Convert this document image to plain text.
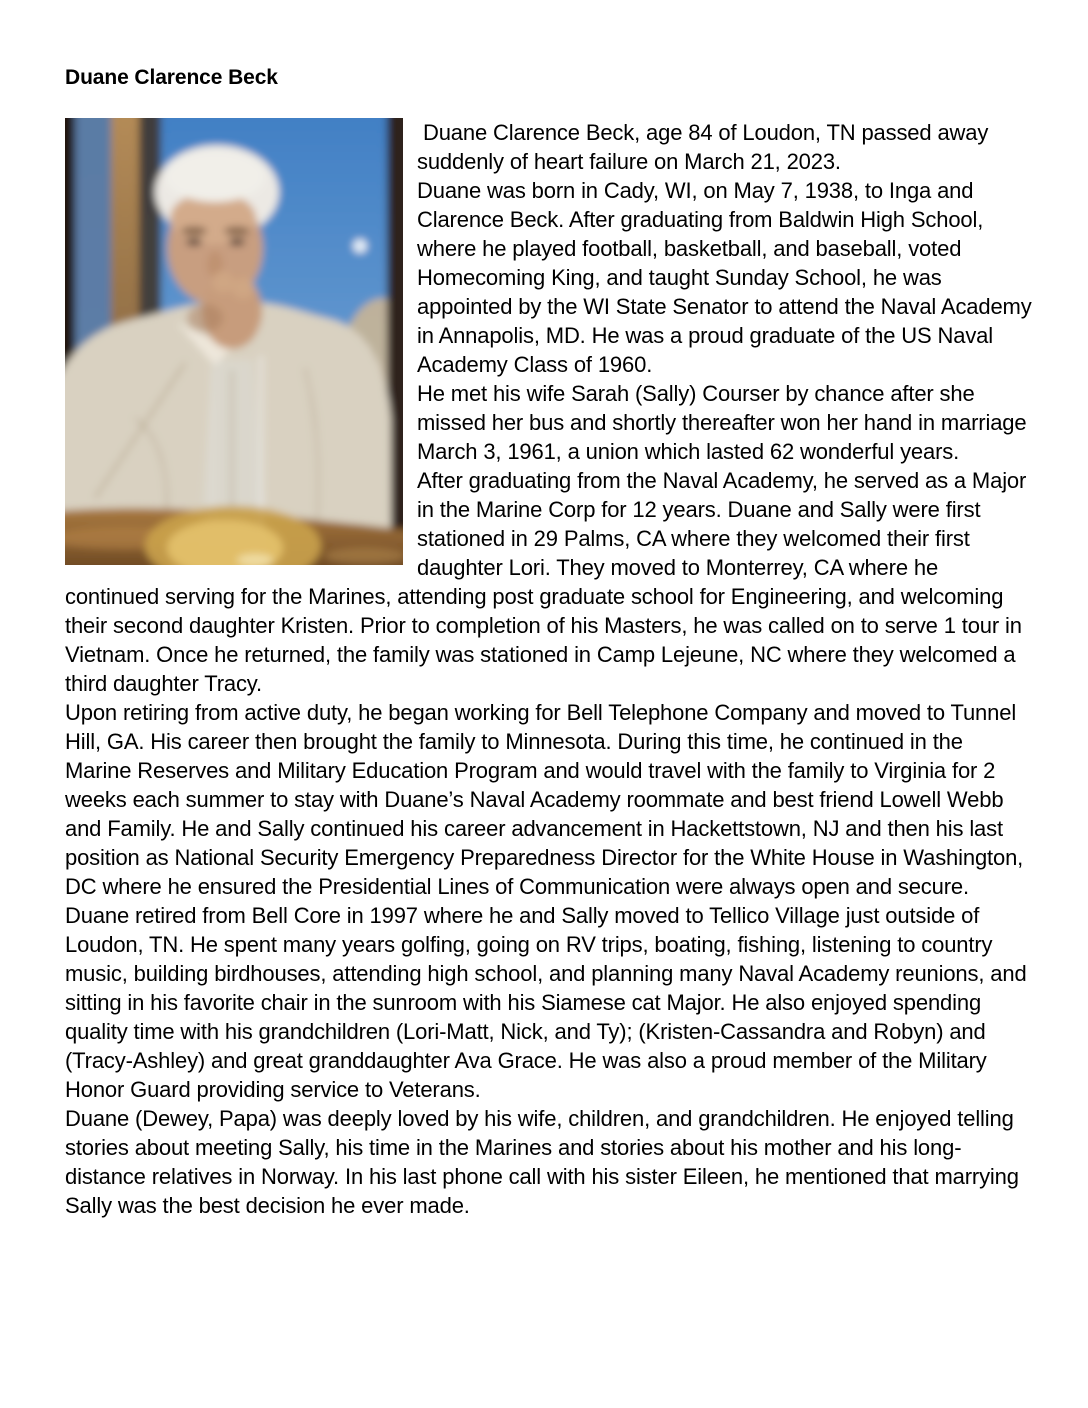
Duane Clarence Beck

Duane Clarence Beck, age 84 of Loudon, TN passed away suddenly of heart failure on March 21, 2023.

Duane was born in Cady, WI, on May 7, 1938, to Inga and Clarence Beck. After graduating from Baldwin High School, where he played football, basketball, and baseball, voted Homecoming King, and taught Sunday School, he was appointed by the WI State Senator to attend the Naval Academy in Annapolis, MD. He was a proud graduate of the US Naval Academy Class of 1960.

He met his wife Sarah (Sally) Courser by chance after she missed her bus and shortly thereafter won her hand in marriage March 3, 1961, a union which lasted 62 wonderful years.

After graduating from the Naval Academy, he served as a Major in the Marine Corp for 12 years. Duane and Sally were first stationed in 29 Palms, CA where they welcomed their first daughter Lori. They moved to Monterrey, CA where he continued serving for the Marines, attending post graduate school for Engineering, and welcoming their second daughter Kristen. Prior to completion of his Masters, he was called on to serve 1 tour in Vietnam. Once he returned, the family was stationed in Camp Lejeune, NC where they welcomed a third daughter Tracy.

Upon retiring from active duty, he began working for Bell Telephone Company and moved to Tunnel Hill, GA. His career then brought the family to Minnesota. During this time, he continued in the Marine Reserves and Military Education Program and would travel with the family to Virginia for 2 weeks each summer to stay with Duane’s Naval Academy roommate and best friend Lowell Webb and Family. He and Sally continued his career advancement in Hackettstown, NJ and then his last position as National Security Emergency Preparedness Director for the White House in Washington, DC where he ensured the Presidential Lines of Communication were always open and secure.

Duane retired from Bell Core in 1997 where he and Sally moved to Tellico Village just outside of Loudon, TN. He spent many years golfing, going on RV trips, boating, fishing, listening to country music, building birdhouses, attending high school, and planning many Naval Academy reunions, and sitting in his favorite chair in the sunroom with his Siamese cat Major. He also enjoyed spending quality time with his grandchildren (Lori-Matt, Nick, and Ty); (Kristen-Cassandra and Robyn) and (Tracy-Ashley) and great granddaughter Ava Grace. He was also a proud member of the Military Honor Guard providing service to Veterans.

Duane (Dewey, Papa) was deeply loved by his wife, children, and grandchildren. He enjoyed telling stories about meeting Sally, his time in the Marines and stories about his mother and his long-distance relatives in Norway. In his last phone call with his sister Eileen, he mentioned that marrying Sally was the best decision he ever made.
